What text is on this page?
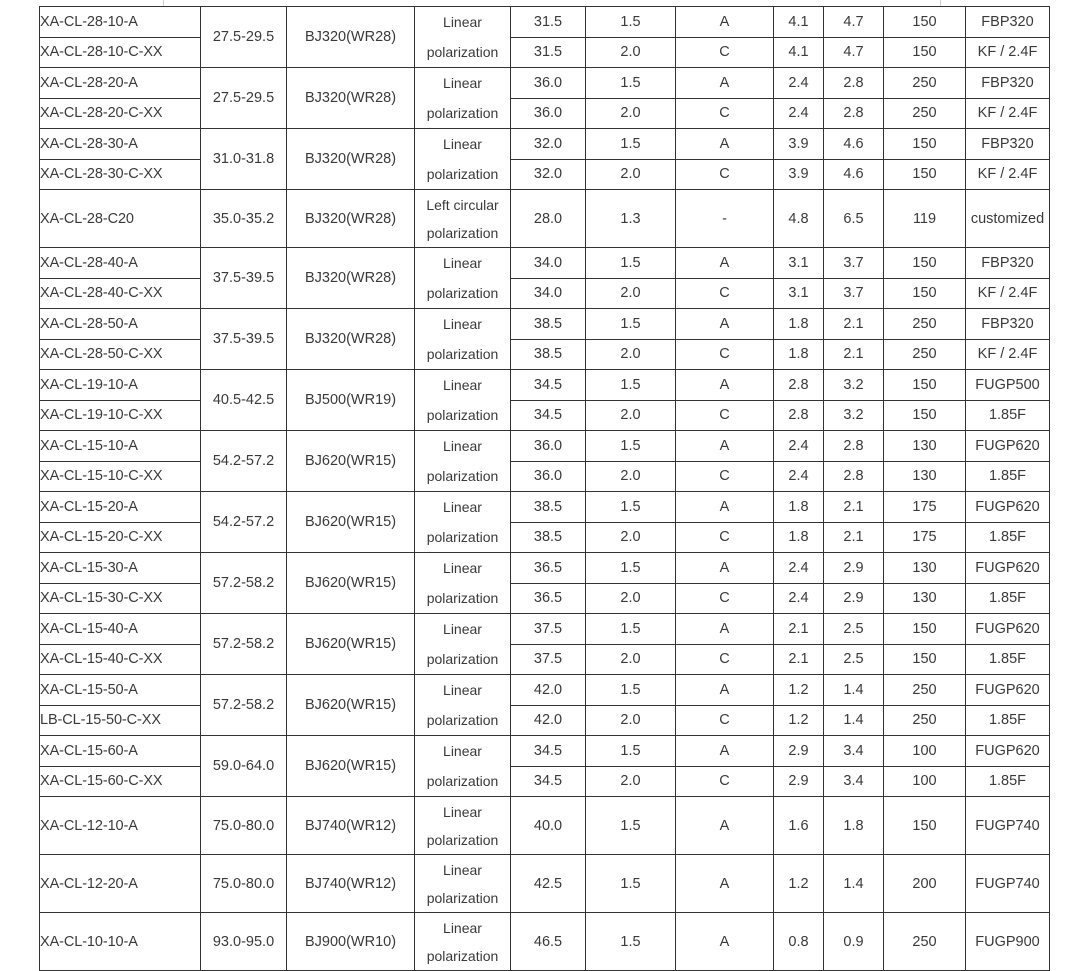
XA-CL-28-10-A	27.5-29.5	BJ320(WR28)	Linear polarization	31.5	1.5	A	4.1	4.7	150	FBP320
XA-CL-28-10-C-XX				31.5	2.0	C	4.1	4.7	150	KF / 2.4F
XA-CL-28-20-A	27.5-29.5	BJ320(WR28)	Linear polarization	36.0	1.5	A	2.4	2.8	250	FBP320
XA-CL-28-20-C-XX				36.0	2.0	C	2.4	2.8	250	KF / 2.4F
XA-CL-28-30-A	31.0-31.8	BJ320(WR28)	Linear polarization	32.0	1.5	A	3.9	4.6	150	FBP320
XA-CL-28-30-C-XX				32.0	2.0	C	3.9	4.6	150	KF / 2.4F
XA-CL-28-C20	35.0-35.2	BJ320(WR28)	Left circular polarization	28.0	1.3	-	4.8	6.5	119	customized
XA-CL-28-40-A	37.5-39.5	BJ320(WR28)	Linear polarization	34.0	1.5	A	3.1	3.7	150	FBP320
XA-CL-28-40-C-XX				34.0	2.0	C	3.1	3.7	150	KF / 2.4F
XA-CL-28-50-A	37.5-39.5	BJ320(WR28)	Linear polarization	38.5	1.5	A	1.8	2.1	250	FBP320
XA-CL-28-50-C-XX				38.5	2.0	C	1.8	2.1	250	KF / 2.4F
XA-CL-19-10-A	40.5-42.5	BJ500(WR19)	Linear polarization	34.5	1.5	A	2.8	3.2	150	FUGP500
XA-CL-19-10-C-XX				34.5	2.0	C	2.8	3.2	150	1.85F
XA-CL-15-10-A	54.2-57.2	BJ620(WR15)	Linear polarization	36.0	1.5	A	2.4	2.8	130	FUGP620
XA-CL-15-10-C-XX				36.0	2.0	C	2.4	2.8	130	1.85F
XA-CL-15-20-A	54.2-57.2	BJ620(WR15)	Linear polarization	38.5	1.5	A	1.8	2.1	175	FUGP620
XA-CL-15-20-C-XX				38.5	2.0	C	1.8	2.1	175	1.85F
XA-CL-15-30-A	57.2-58.2	BJ620(WR15)	Linear polarization	36.5	1.5	A	2.4	2.9	130	FUGP620
XA-CL-15-30-C-XX				36.5	2.0	C	2.4	2.9	130	1.85F
XA-CL-15-40-A	57.2-58.2	BJ620(WR15)	Linear polarization	37.5	1.5	A	2.1	2.5	150	FUGP620
XA-CL-15-40-C-XX				37.5	2.0	C	2.1	2.5	150	1.85F
XA-CL-15-50-A	57.2-58.2	BJ620(WR15)	Linear polarization	42.0	1.5	A	1.2	1.4	250	FUGP620
LB-CL-15-50-C-XX				42.0	2.0	C	1.2	1.4	250	1.85F
XA-CL-15-60-A	59.0-64.0	BJ620(WR15)	Linear polarization	34.5	1.5	A	2.9	3.4	100	FUGP620
XA-CL-15-60-C-XX				34.5	2.0	C	2.9	3.4	100	1.85F
XA-CL-12-10-A	75.0-80.0	BJ740(WR12)	Linear polarization	40.0	1.5	A	1.6	1.8	150	FUGP740
XA-CL-12-20-A	75.0-80.0	BJ740(WR12)	Linear polarization	42.5	1.5	A	1.2	1.4	200	FUGP740
XA-CL-10-10-A	93.0-95.0	BJ900(WR10)	Linear polarization	46.5	1.5	A	0.8	0.9	250	FUGP900
